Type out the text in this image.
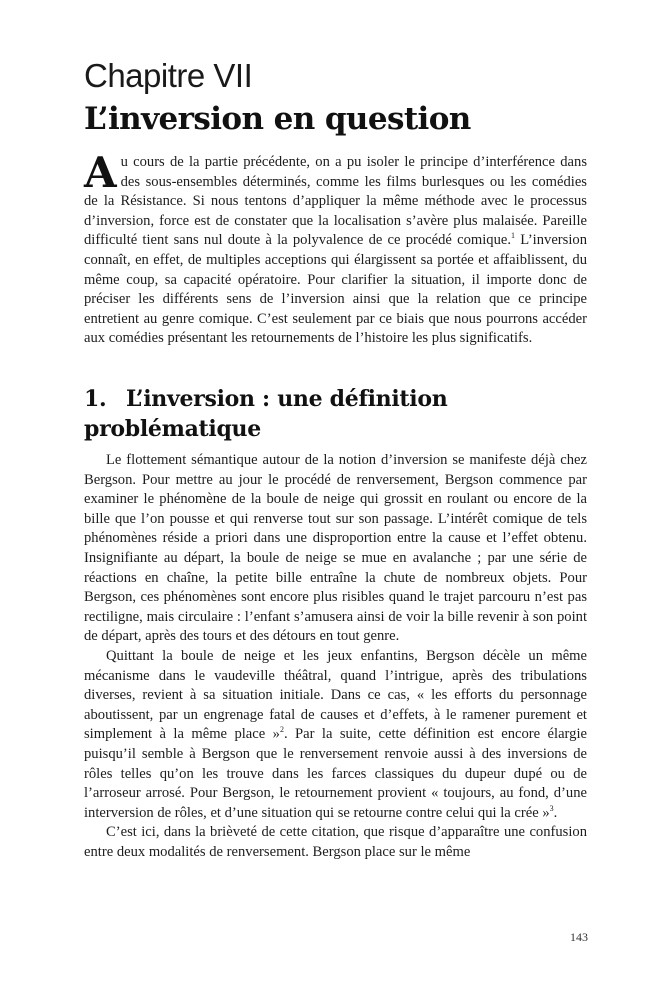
Chapitre VII
L’inversion en question

Au cours de la partie précédente, on a pu isoler le principe d’interférence dans des sous-ensembles déterminés, comme les films burlesques ou les comédies de la Résistance. Si nous tentons d’appliquer la même méthode avec le processus d’inversion, force est de constater que la localisation s’avère plus malaisée. Pareille difficulté tient sans nul doute à la polyvalence de ce procédé comique.$^1$ L’inversion connaît, en effet, de multiples acceptions qui élargissent sa portée et affaiblissent, du même coup, sa capacité opératoire. Pour clarifier la situation, il importe donc de préciser les différents sens de l’inversion ainsi que la relation que ce principe entretient au genre comique. C’est seulement par ce biais que nous pourrons accéder aux comédies présentant les retournements de l’histoire les plus significatifs.

1. L’inversion : une définition problématique

Le flottement sémantique autour de la notion d’inversion se manifeste déjà chez Bergson. Pour mettre au jour le procédé de renversement, Bergson commence par examiner le phénomène de la boule de neige qui grossit en roulant ou encore de la bille que l’on pousse et qui renverse tout sur son passage. L’intérêt comique de tels phénomènes réside a priori dans une disproportion entre la cause et l’effet obtenu. Insignifiante au départ, la boule de neige se mue en avalanche ; par une série de réactions en chaîne, la petite bille entraîne la chute de nombreux objets. Pour Bergson, ces phénomènes sont encore plus risibles quand le trajet parcouru n’est pas rectiligne, mais circulaire : l’enfant s’amusera ainsi de voir la bille revenir à son point de départ, après des tours et des détours en tout genre.

Quittant la boule de neige et les jeux enfantins, Bergson décèle un même mécanisme dans le vaudeville théâtral, quand l’intrigue, après des tribulations diverses, revient à sa situation initiale. Dans ce cas, « les efforts du personnage aboutissent, par un engrenage fatal de causes et d’effets, à le ramener purement et simplement à la même place »$^2$. Par la suite, cette définition est encore élargie puisqu’il semble à Bergson que le renversement renvoie aussi à des inversions de rôles telles qu’on les trouve dans les farces classiques du dupeur dupé ou de l’arroseur arrosé. Pour Bergson, le retournement provient « toujours, au fond, d’une interversion de rôles, et d’une situation qui se retourne contre celui qui la crée »$^3$.

C’est ici, dans la brièveté de cette citation, que risque d’apparaître une confusion entre deux modalités de renversement. Bergson place sur le même

143
